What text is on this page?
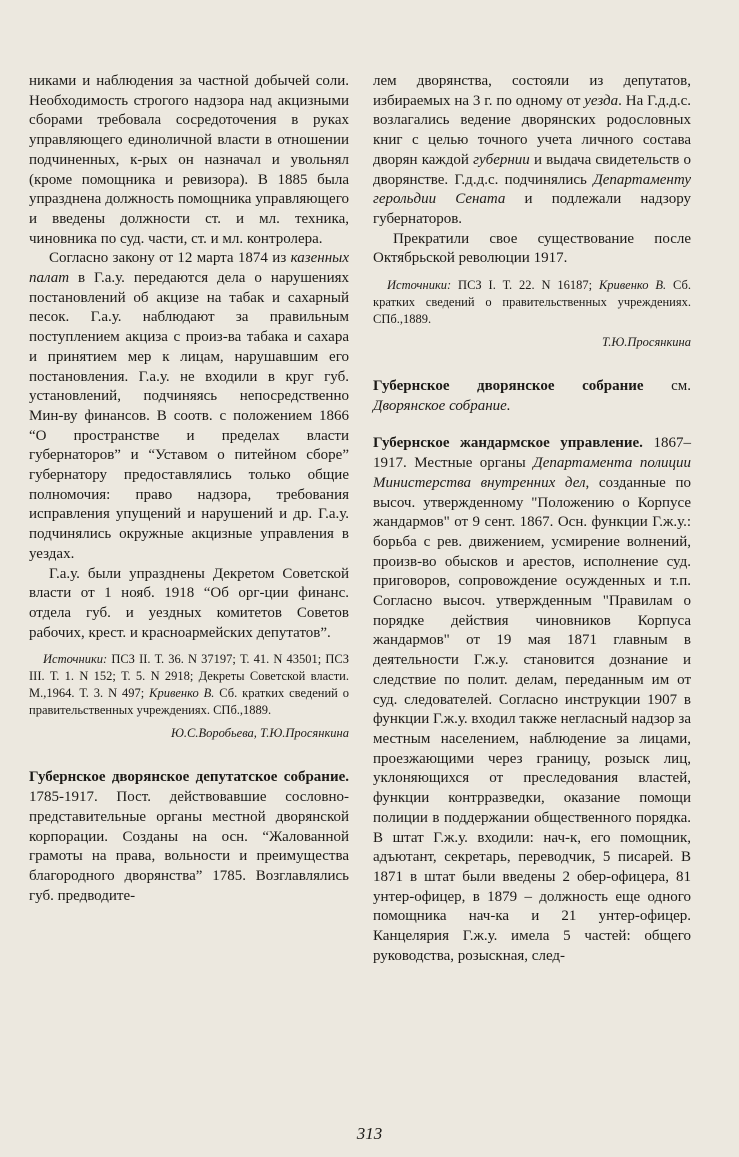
никами и наблюдения за частной добычей соли. Необходимость строгого надзора над акцизными сборами требовала сосредоточения в руках управляющего единоличной власти в отношении подчиненных, к-рых он назначал и увольнял (кроме помощника и ревизора). В 1885 была упразднена должность помощника управляющего и введены должности ст. и мл. техника, чиновника по суд. части, ст. и мл. контролера.

Согласно закону от 12 марта 1874 из казенных палат в Г.а.у. передаются дела о нарушениях постановлений об акцизе на табак и сахарный песок. Г.а.у. наблюдают за правильным поступлением акциза с произ-ва табака и сахара и принятием мер к лицам, нарушавшим его постановления. Г.а.у. не входили в круг губ. установлений, подчиняясь непосредственно Мин-ву финансов. В соотв. с положением 1866 “О пространстве и пределах власти губернаторов” и “Уставом о питейном сборе” губернатору предоставлялись только общие полномочия: право надзора, требования исправления упущений и нарушений и др. Г.а.у. подчинялись окружные акцизные управления в уездах.

Г.а.у. были упразднены Декретом Советской власти от 1 нояб. 1918 “Об орг-ции финанс. отдела губ. и уездных комитетов Советов рабочих, крест. и красноармейских депутатов”.

Источники: ПСЗ II. Т. 36. N 37197; Т. 41. N 43501; ПСЗ III. Т. 1. N 152; Т. 5. N 2918; Декреты Советской власти. М.,1964. Т. 3. N 497; Кривенко В. Сб. кратких сведений о правительственных учреждениях. СПб.,1889.

Ю.С.Воробьева, Т.Ю.Просянкина

Губернское дворянское депутатское собрание. 1785-1917. Пост. действовавшие сословно-представительные органы местной дворянской корпорации. Созданы на осн. “Жалованной грамоты на права, вольности и преимущества благородного дворянства” 1785. Возглавлялись губ. предводите-

лем дворянства, состояли из депутатов, избираемых на 3 г. по одному от уезда. На Г.д.д.с. возлагались ведение дворянских родословных книг с целью точного учета личного состава дворян каждой губернии и выдача свидетельств о дворянстве. Г.д.д.с. подчинялись Департаменту герольдии Сената и подлежали надзору губернаторов.

Прекратили свое существование после Октябрьской революции 1917.

Источники: ПСЗ I. Т. 22. N 16187; Кривенко В. Сб. кратких сведений о правительственных учреждениях. СПб.,1889.

Т.Ю.Просянкина

Губернское дворянское собрание см. Дворянское собрание.

Губернское жандармское управление. 1867–1917. Местные органы Департамента полиции Министерства внутренних дел, созданные по высоч. утвержденному "Положению о Корпусе жандармов" от 9 сент. 1867. Осн. функции Г.ж.у.: борьба с рев. движением, усмирение волнений, произв-во обысков и арестов, исполнение суд. приговоров, сопровождение осужденных и т.п. Согласно высоч. утвержденным "Правилам о порядке действия чиновников Корпуса жандармов" от 19 мая 1871 главным в деятельности Г.ж.у. становится дознание и следствие по полит. делам, переданным им от суд. следователей. Согласно инструкции 1907 в функции Г.ж.у. входил также негласный надзор за местным населением, наблюдение за лицами, проезжающими через границу, розыск лиц, уклоняющихся от преследования властей, функции контрразведки, оказание помощи полиции в поддержании общественного порядка. В штат Г.ж.у. входили: нач-к, его помощник, адъютант, секретарь, переводчик, 5 писарей. В 1871 в штат были введены 2 обер-офицера, 81 унтер-офицер, в 1879 – должность еще одного помощника нач-ка и 21 унтер-офицер. Канцелярия Г.ж.у. имела 5 частей: общего руководства, розыскная, след-

313
